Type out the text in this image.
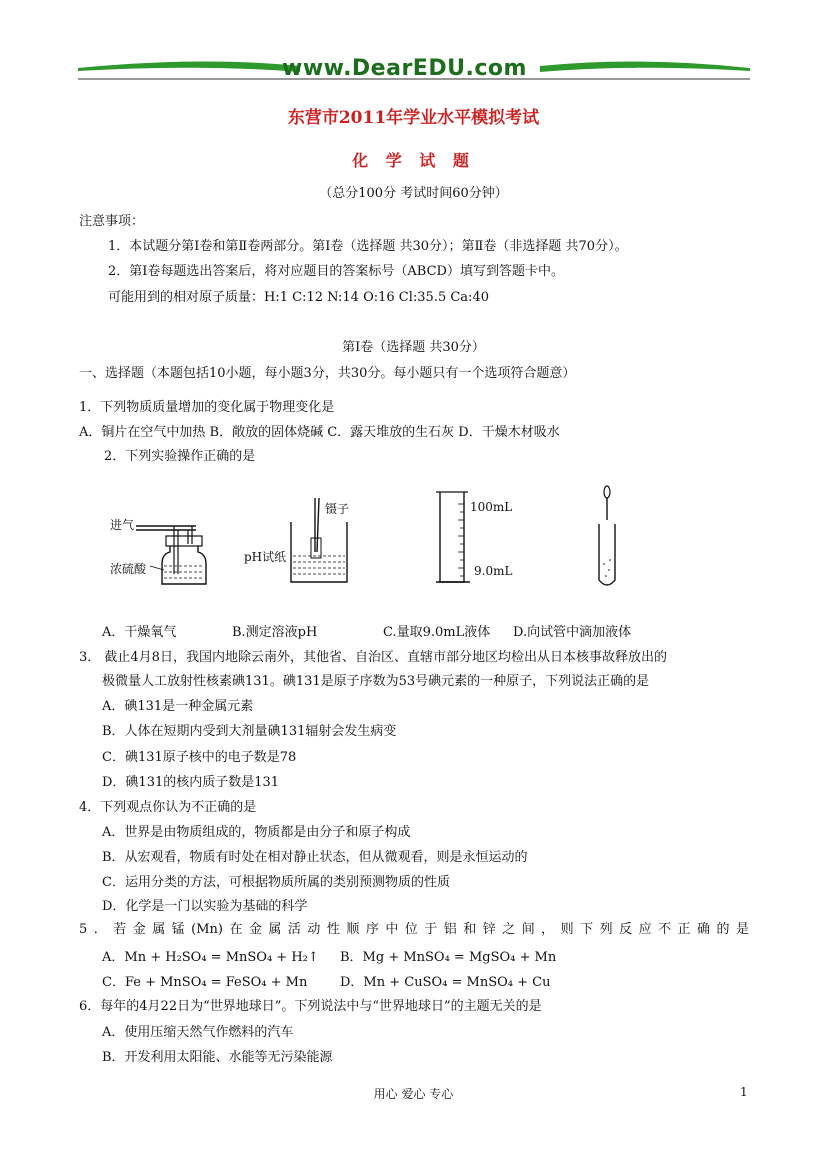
www.DearEDU.com
东营市2011年学业水平模拟考试
化 学 试 题
（总分100分 考试时间60分钟）
注意事项：
1．本试题分第Ⅰ卷和第Ⅱ卷两部分。第Ⅰ卷（选择题 共30分）；第Ⅱ卷（非选择题 共70分）。
2．第Ⅰ卷每题选出答案后，将对应题目的答案标号（ABCD）填写到答题卡中。
可能用到的相对原子质量：H:1 C:12 N:14 O:16 Cl:35.5 Ca:40
第Ⅰ卷（选择题 共30分）
一、选择题（本题包括10小题，每小题3分，共30分。每小题只有一个选项符合题意）
1．下列物质质量增加的变化属于物理变化是
A．铜片在空气中加热 B．敞放的固体烧碱 C．露天堆放的生石灰 D．干燥木材吸水
2．下列实验操作正确的是
进气
浓硫酸
镊子
pH试纸
100mL
9.0mL
A．干燥氧气	B.测定溶液pH	C.量取9.0mL液体 D.向试管中滴加液体
3． 截止4月8日，我国内地除云南外，其他省、自治区、直辖市部分地区均检出从日本核事故释放出的
极微量人工放射性核素碘131。碘131是原子序数为53号碘元素的一种原子，下列说法正确的是
A．碘131是一种金属元素
B．人体在短期内受到大剂量碘131辐射会发生病变
C．碘131原子核中的电子数是78
D．碘131的核内质子数是131
4．下列观点你认为不正确的是
A．世界是由物质组成的，物质都是由分子和原子构成
B．从宏观看，物质有时处在相对静止状态，但从微观看，则是永恒运动的
C．运用分类的方法，可根据物质所属的类别预测物质的性质
D．化学是一门以实验为基础的科学
5．若金属锰(Mn)在金属活动性顺序中位于铝和锌之间，则下列反应不正确的是
A．Mn + H₂SO₄ = MnSO₄ + H₂↑ B．Mg + MnSO₄ = MgSO₄ + Mn
C．Fe + MnSO₄ = FeSO₄ + Mn	D．Mn + CuSO₄ = MnSO₄ + Cu
6．每年的4月22日为“世界地球日”。下列说法中与“世界地球日”的主题无关的是
A．使用压缩天然气作燃料的汽车
B．开发利用太阳能、水能等无污染能源
用心 爱心 专心	1
